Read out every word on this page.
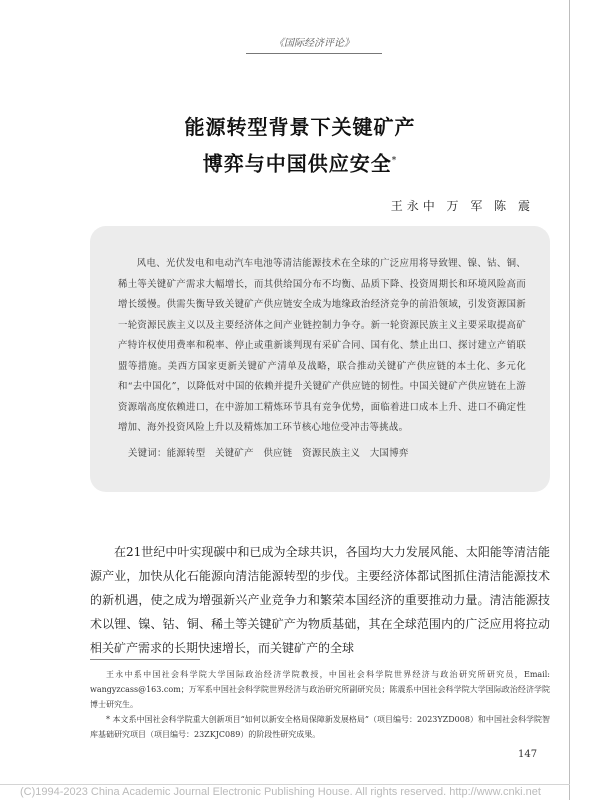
《国际经济评论》
能源转型背景下关键矿产
博弈与中国供应安全*
王永中 万 军 陈 震

风电、光伏发电和电动汽车电池等清洁能源技术在全球的广泛应用将导致锂、镍、钴、铜、稀土等关键矿产需求大幅增长，而其供给国分布不均衡、品质下降、投资周期长和环境风险高而增长缓慢。供需失衡导致关键矿产供应链安全成为地缘政治经济竞争的前沿领域，引发资源国新一轮资源民族主义以及主要经济体之间产业链控制力争夺。新一轮资源民族主义主要采取提高矿产特许权使用费率和税率、停止或重新谈判现有采矿合同、国有化、禁止出口、探讨建立产销联盟等措施。美西方国家更新关键矿产清单及战略，联合推动关键矿产供应链的本土化、多元化和“去中国化”，以降低对中国的依赖并提升关键矿产供应链的韧性。中国关键矿产供应链在上游资源端高度依赖进口，在中游加工精炼环节具有竞争优势，面临着进口成本上升、进口不确定性增加、海外投资风险上升以及精炼加工环节核心地位受冲击等挑战。

关键词：能源转型　关键矿产　供应链　资源民族主义　大国博弈

在21世纪中叶实现碳中和已成为全球共识，各国均大力发展风能、太阳能等清洁能源产业，加快从化石能源向清洁能源转型的步伐。主要经济体都试图抓住清洁能源技术的新机遇，使之成为增强新兴产业竞争力和繁荣本国经济的重要推动力量。清洁能源技术以锂、镍、钴、铜、稀土等关键矿产为物质基础，其在全球范围内的广泛应用将拉动相关矿产需求的长期快速增长，而关键矿产的全球

王永中系中国社会科学院大学国际政治经济学院教授，中国社会科学院世界经济与政治研究所研究员，Email: wangyzcass@163.com；万军系中国社会科学院世界经济与政治研究所副研究员；陈震系中国社会科学院大学国际政治经济学院博士研究生。

* 本文系中国社会科学院重大创新项目“如何以新安全格局保障新发展格局”（项目编号：2023YZD008）和中国社会科学院智库基础研究项目（项目编号：23ZKJC089）的阶段性研究成果。

147
(C)1994-2023 China Academic Journal Electronic Publishing House. All rights reserved. http://www.cnki.net
